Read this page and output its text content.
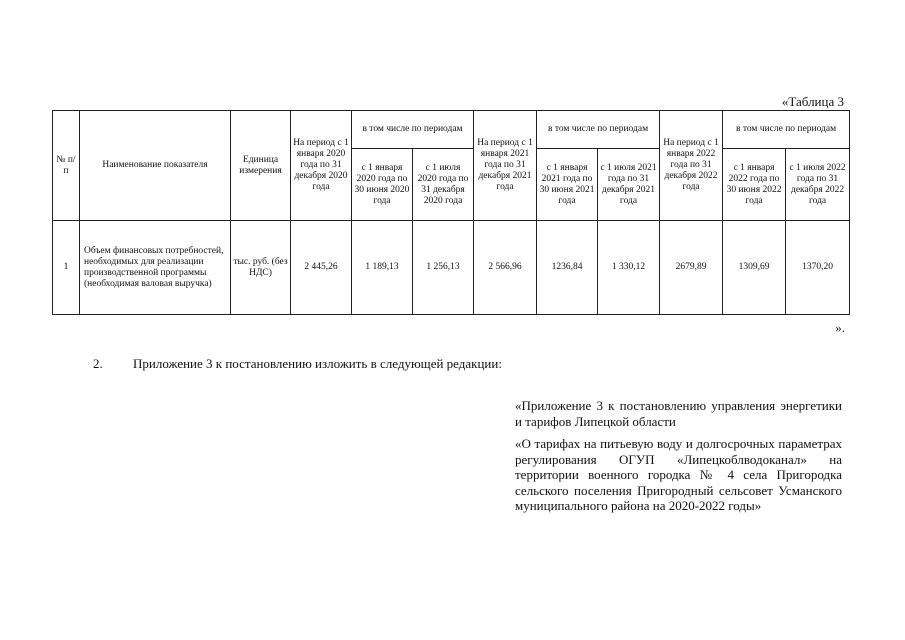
«Таблица 3
№ п/п	Наименование показателя	Единица измерения	На период с 1 января 2020 года по 31 декабря 2020 года	в том числе по периодам		На период с 1 января 2021 года по 31 декабря 2021 года	в том числе по периодам		На период с 1 января 2022 года по 31 декабря 2022 года	в том числе по периодам	
				с 1 января 2020 года по 30 июня 2020 года	с 1 июля 2020 года по 31 декабря 2020 года		с 1 января 2021 года по 30 июня 2021 года	с 1 июля 2021 года по 31 декабря 2021 года		с 1 января 2022 года по 30 июня 2022 года	с 1 июля 2022 года по 31 декабря 2022 года
1	Объем финансовых потребностей, необходимых для реализации производственной программы (необходимая валовая выручка)	тыс. руб. (без НДС)	2 445,26	1 189,13	1 256,13	2 566,96	1236,84	1 330,12	2679,89	1309,69	1370,20
».
2. Приложение 3 к постановлению изложить в следующей редакции:
«Приложение 3 к постановлению управления энергетики и тарифов Липецкой области
«О тарифах на питьевую воду и долгосрочных параметрах регулирования ОГУП «Липецкоблводоканал» на территории военного городка № 4 села Пригородка сельского поселения Пригородный сельсовет Усманского муниципального района на 2020-2022 годы»
